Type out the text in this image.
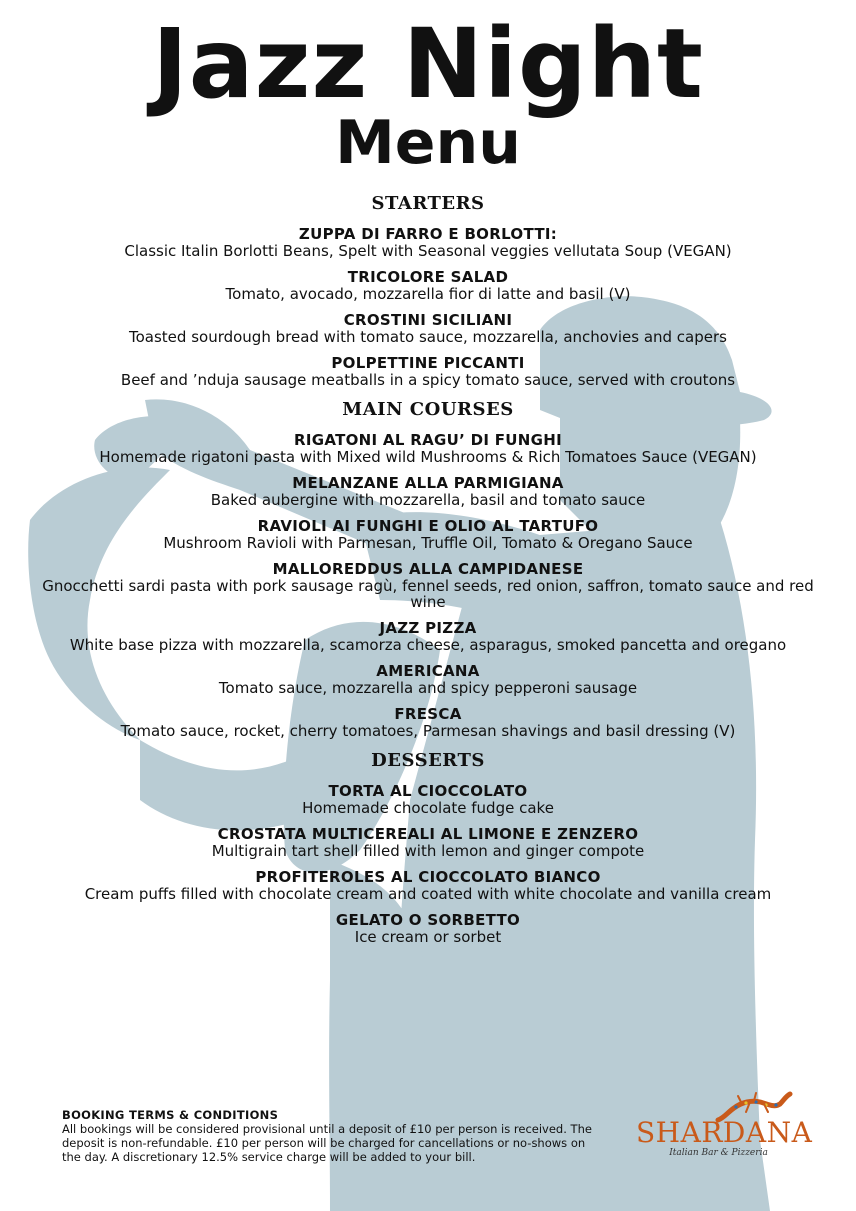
Jazz Night
Menu
STARTERS
ZUPPA DI FARRO E BORLOTTI:
Classic Italin Borlotti Beans, Spelt with Seasonal veggies vellutata Soup (VEGAN)
TRICOLORE SALAD
Tomato, avocado, mozzarella fior di latte and basil (V)
CROSTINI SICILIANI
Toasted sourdough bread with tomato sauce, mozzarella, anchovies and capers
POLPETTINE PICCANTI
Beef and ’nduja sausage meatballs in a spicy tomato sauce, served with croutons
MAIN COURSES
RIGATONI AL RAGU’ DI FUNGHI
Homemade rigatoni pasta with Mixed wild Mushrooms & Rich Tomatoes Sauce (VEGAN)
MELANZANE ALLA PARMIGIANA
Baked aubergine with mozzarella, basil and tomato sauce
RAVIOLI AI FUNGHI E OLIO AL TARTUFO
Mushroom Ravioli with Parmesan, Truffle Oil, Tomato & Oregano Sauce
MALLOREDDUS ALLA CAMPIDANESE
Gnocchetti sardi pasta with pork sausage ragù, fennel seeds, red onion, saffron, tomato sauce and red wine
JAZZ PIZZA
White base pizza with mozzarella, scamorza cheese, asparagus, smoked pancetta and oregano
AMERICANA
Tomato sauce, mozzarella and spicy pepperoni sausage
FRESCA
Tomato sauce, rocket, cherry tomatoes, Parmesan shavings and basil dressing (V)
DESSERTS
TORTA AL CIOCCOLATO
Homemade chocolate fudge cake
CROSTATA MULTICEREALI AL LIMONE E ZENZERO
Multigrain tart shell filled with lemon and ginger compote
PROFITEROLES AL CIOCCOLATO BIANCO
Cream puffs filled with chocolate cream and coated with white chocolate and vanilla cream
GELATO O SORBETTO
Ice cream or sorbet
BOOKING TERMS & CONDITIONS
All bookings will be considered provisional until a deposit of £10 per person is received. The deposit is non-refundable. £10 per person will be charged for cancellations or no-shows on the day. A discretionary 12.5% service charge will be added to your bill.
SHARDANA
Italian Bar & Pizzeria
